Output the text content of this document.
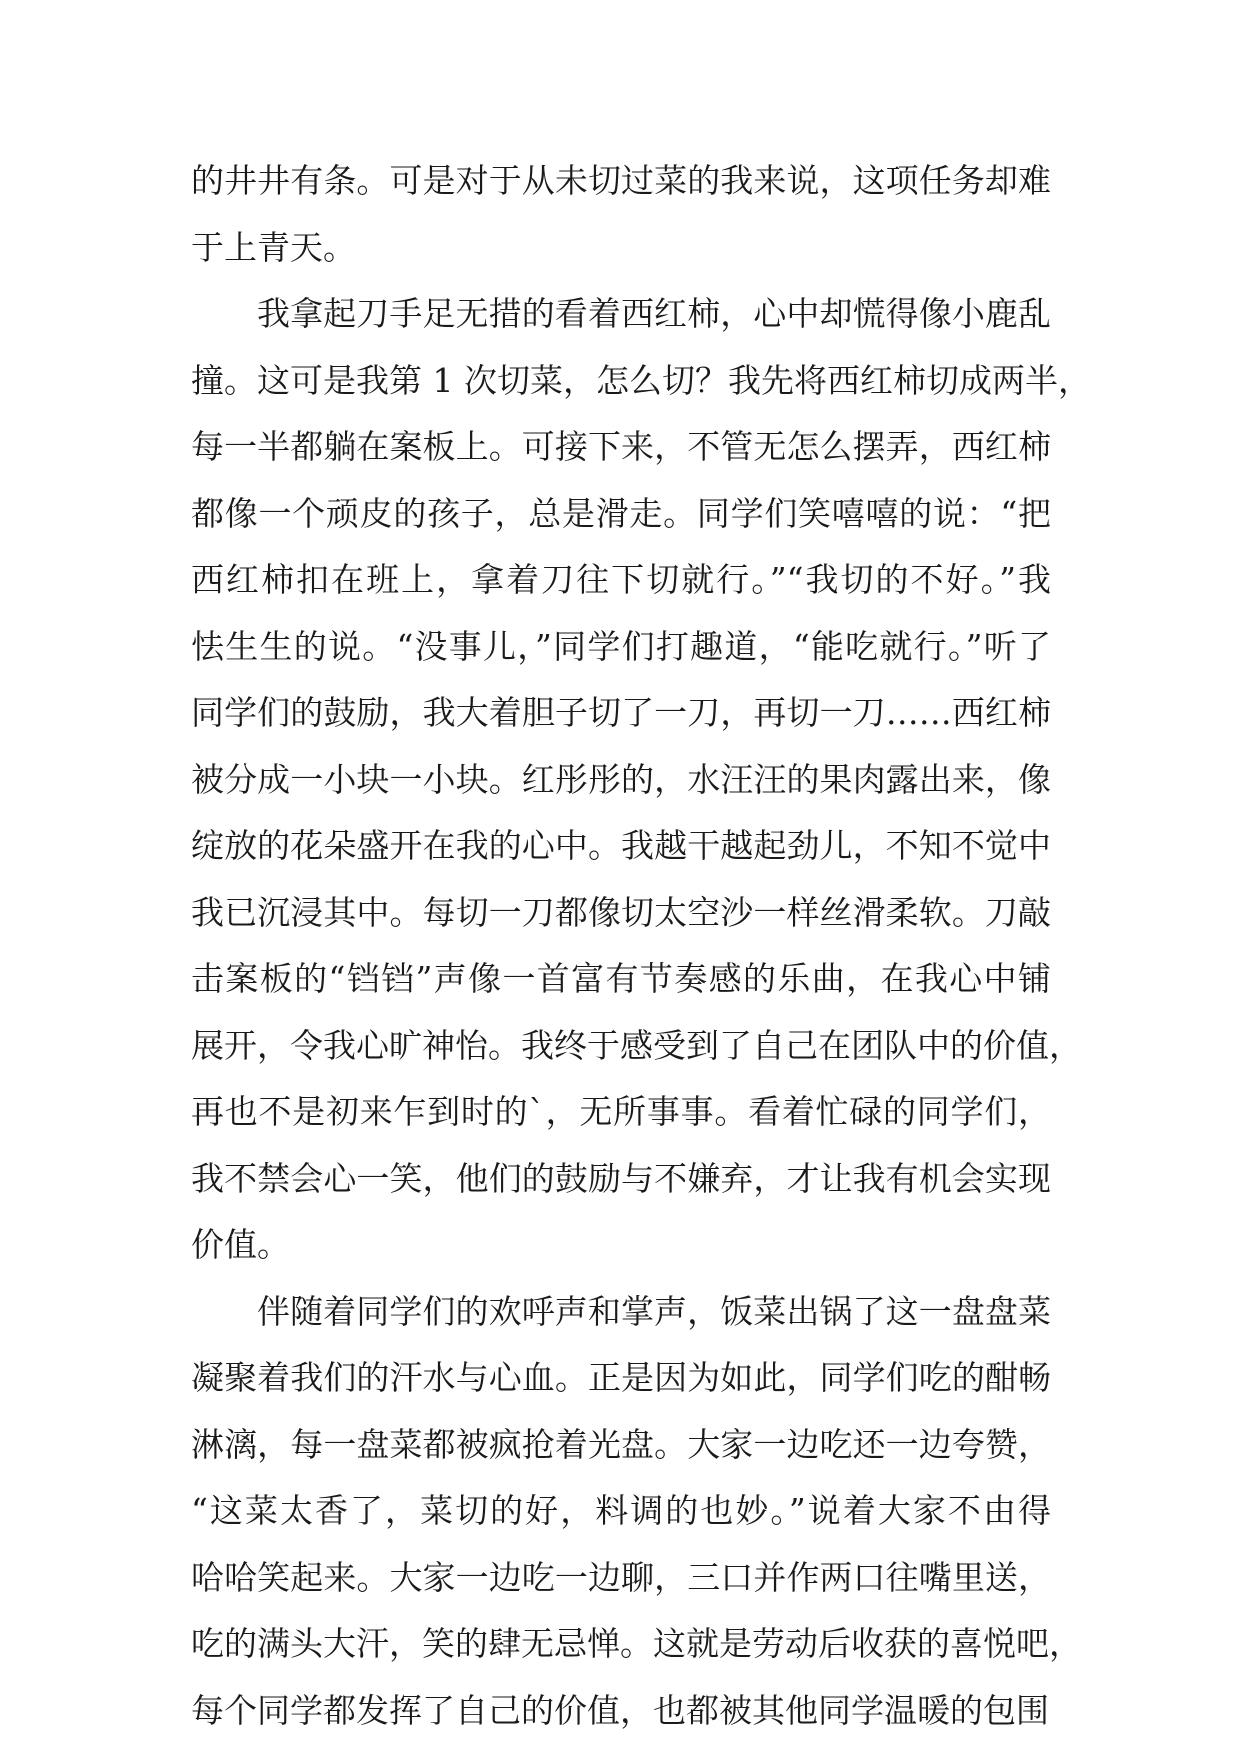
的井井有条。可是对于从未切过菜的我来说，这项任务却难
于上青天。
我拿起刀手足无措的看着西红柿，心中却慌得像小鹿乱
撞。这可是我第 1 次切菜，怎么切？我先将西红柿切成两半，
每一半都躺在案板上。可接下来，不管无怎么摆弄，西红柿
都像一个顽皮的孩子，总是滑走。同学们笑嘻嘻的说：“把
西红柿扣在班上，拿着刀往下切就行。”“我切的不好。”我
怯生生的说。“没事儿，”同学们打趣道，“能吃就行。”听了
同学们的鼓励，我大着胆子切了一刀，再切一刀……西红柿
被分成一小块一小块。红彤彤的，水汪汪的果肉露出来，像
绽放的花朵盛开在我的心中。我越干越起劲儿，不知不觉中
我已沉浸其中。每切一刀都像切太空沙一样丝滑柔软。刀敲
击案板的“铛铛”声像一首富有节奏感的乐曲，在我心中铺
展开，令我心旷神怡。我终于感受到了自己在团队中的价值，
再也不是初来乍到时的`，无所事事。看着忙碌的同学们，
我不禁会心一笑，他们的鼓励与不嫌弃，才让我有机会实现
价值。
伴随着同学们的欢呼声和掌声，饭菜出锅了这一盘盘菜
凝聚着我们的汗水与心血。正是因为如此，同学们吃的酣畅
淋漓，每一盘菜都被疯抢着光盘。大家一边吃还一边夸赞，
“这菜太香了，菜切的好，料调的也妙。”说着大家不由得
哈哈笑起来。大家一边吃一边聊，三口并作两口往嘴里送，
吃的满头大汗，笑的肆无忌惮。这就是劳动后收获的喜悦吧，
每个同学都发挥了自己的价值，也都被其他同学温暖的包围
